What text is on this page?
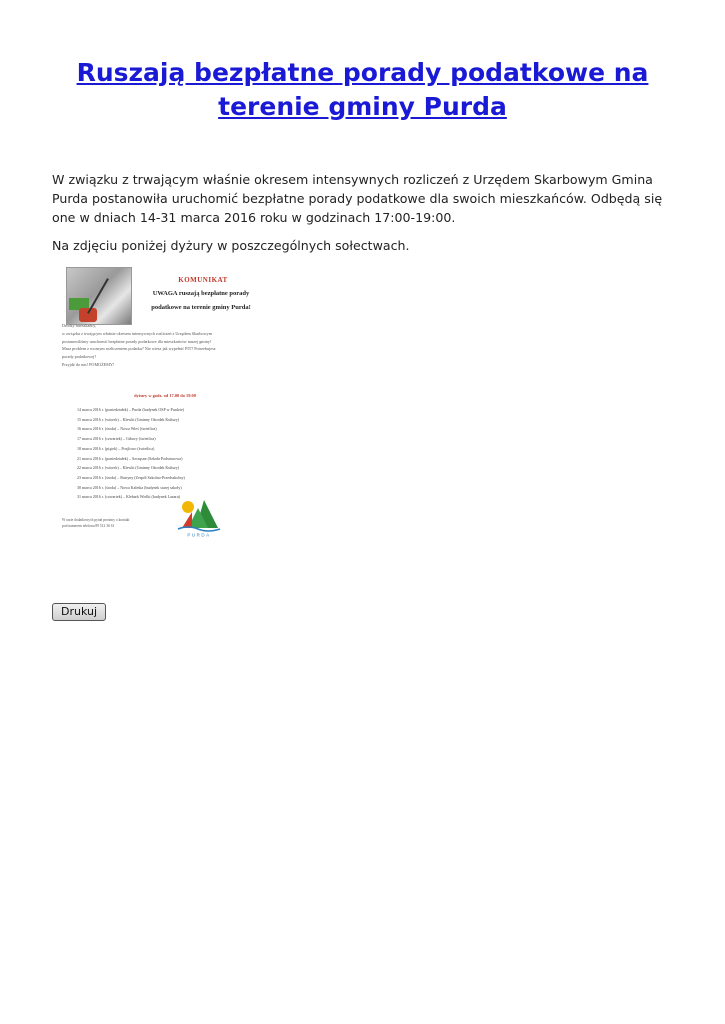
Ruszają bezpłatne porady podatkowe na terenie gminy Purda

W związku z trwającym właśnie okresem intensywnych rozliczeń z Urzędem Skarbowym Gmina Purda postanowiła uruchomić bezpłatne porady podatkowe dla swoich mieszkańców. Odbędą się one w dniach 14-31 marca 2016 roku w godzinach 17:00-19:00.

Na zdjęciu poniżej dyżury w poszczególnych sołectwach.

KOMUNIKAT
UWAGA ruszają bezpłatne porady
podatkowe na terenie gminy Purda!
Drodzy mieszkańcy,
w związku z trwającym właśnie okresem intensywnych rozliczeń z Urzędem Skarbowym
postanowiliśmy uruchomić bezpłatne porady podatkowe dla mieszkańców naszej gminy!
Masz problem z rocznym rozliczeniem podatku? Nie wiesz jak wypełnić PIT? Potrzebujesz
porady podatkowej?
Przyjdź do nas! POMOŻEMY!
dyżury w godz. od 17.00 do 19.00
14 marca 2016 r. (poniedziałek) – Purda (budynek OSP w Purdzie)
15 marca 2016 r. (wtorek) – Klewki (Gminny Ośrodek Kultury)
16 marca 2016 r. (środa) – Nowa Wieś (świetlica)
17 marca 2016 r. (czwartek) – Giławy (świetlica)
18 marca 2016 r. (piątek) – Pozjlowo (świetlica)
21 marca 2016 r. (poniedziałek) – Szczęsne (Szkoła Podstawowa)
22 marca 2016 r. (wtorek) – Klewki (Gminny Ośrodek Kultury)
23 marca 2016 r. (środa) – Butryny (Zespół Szkolno-Przedszkolny)
30 marca 2016 r. (środa) – Nowa Kaletka (budynek starej szkoły)
31 marca 2016 r. (czwartek) – Klebark Wielki (budynek Lazaru)
W razie dodatkowych pytań prosimy o kontakt
pod numerem telefonu 89 512 36 61
PURDA
Drukuj
